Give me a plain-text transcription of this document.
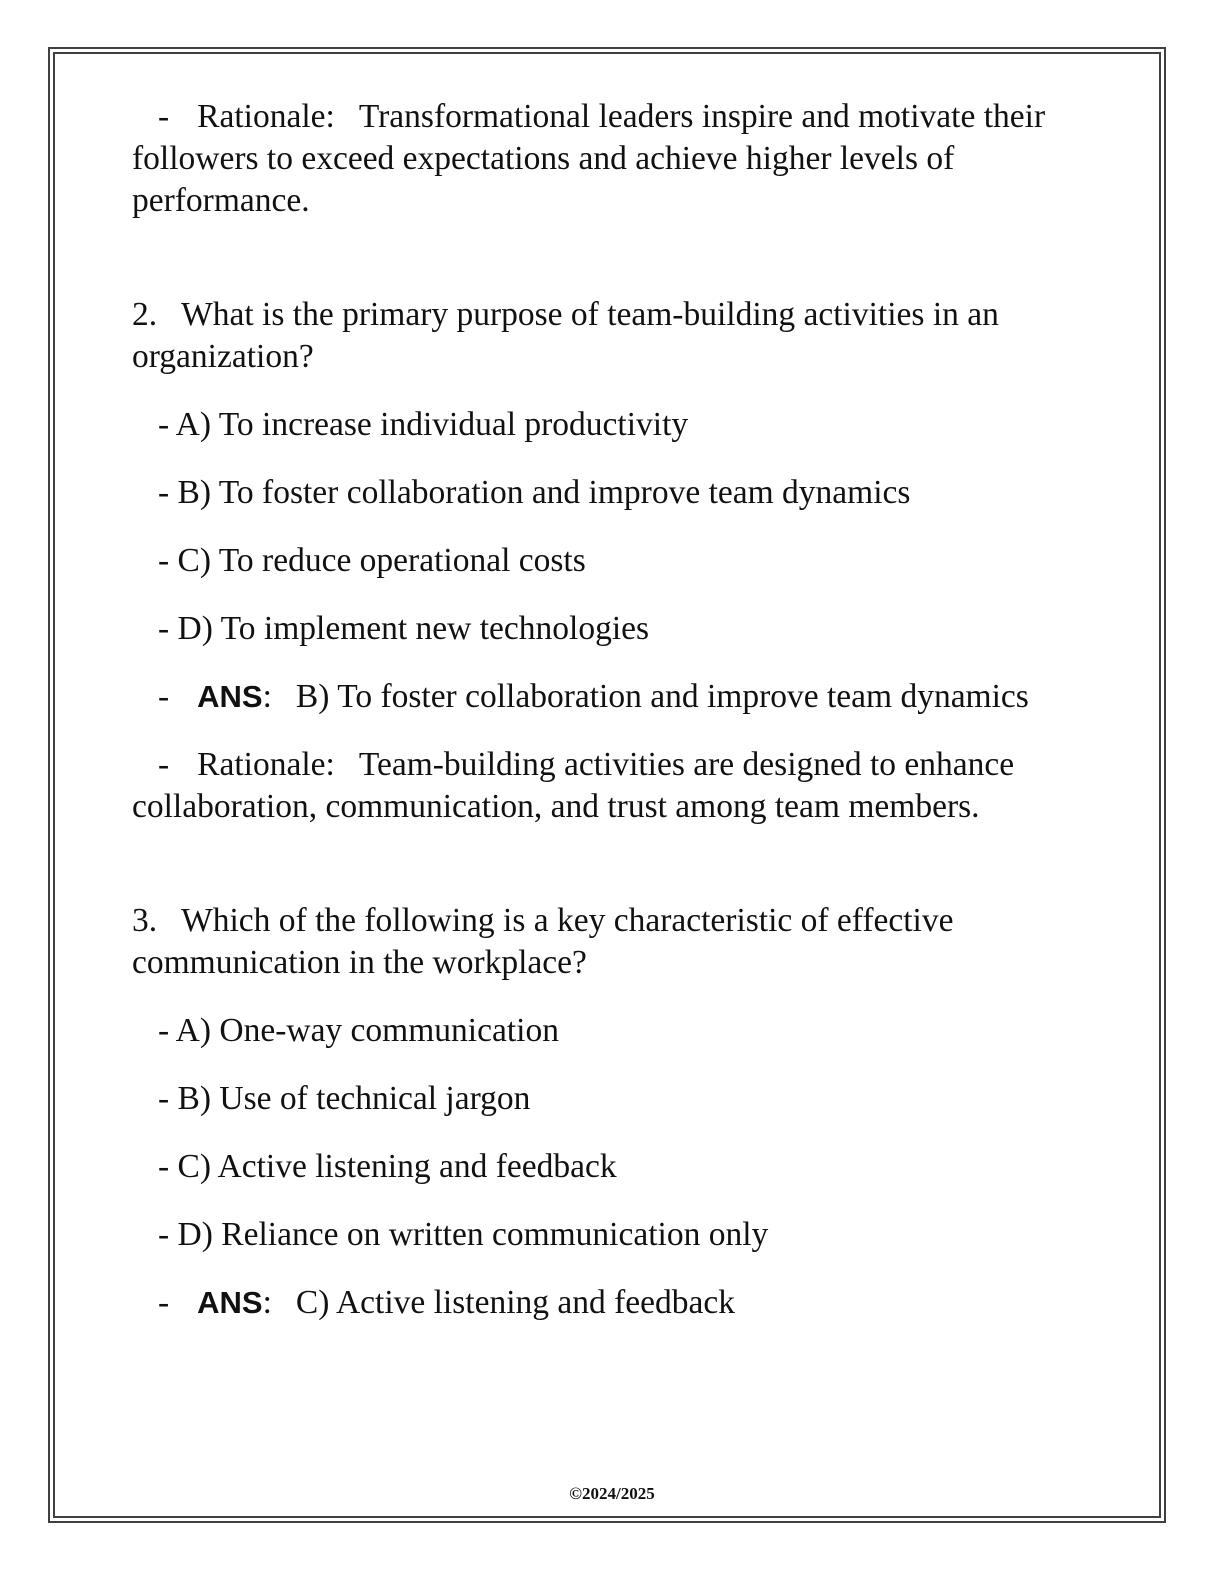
- Rationale: Transformational leaders inspire and motivate their followers to exceed expectations and achieve higher levels of performance.

2. What is the primary purpose of team-building activities in an organization?

- A) To increase individual productivity

- B) To foster collaboration and improve team dynamics

- C) To reduce operational costs

- D) To implement new technologies

- ANS: B) To foster collaboration and improve team dynamics

- Rationale: Team-building activities are designed to enhance collaboration, communication, and trust among team members.

3. Which of the following is a key characteristic of effective communication in the workplace?

- A) One-way communication

- B) Use of technical jargon

- C) Active listening and feedback

- D) Reliance on written communication only

- ANS: C) Active listening and feedback

©2024/2025
